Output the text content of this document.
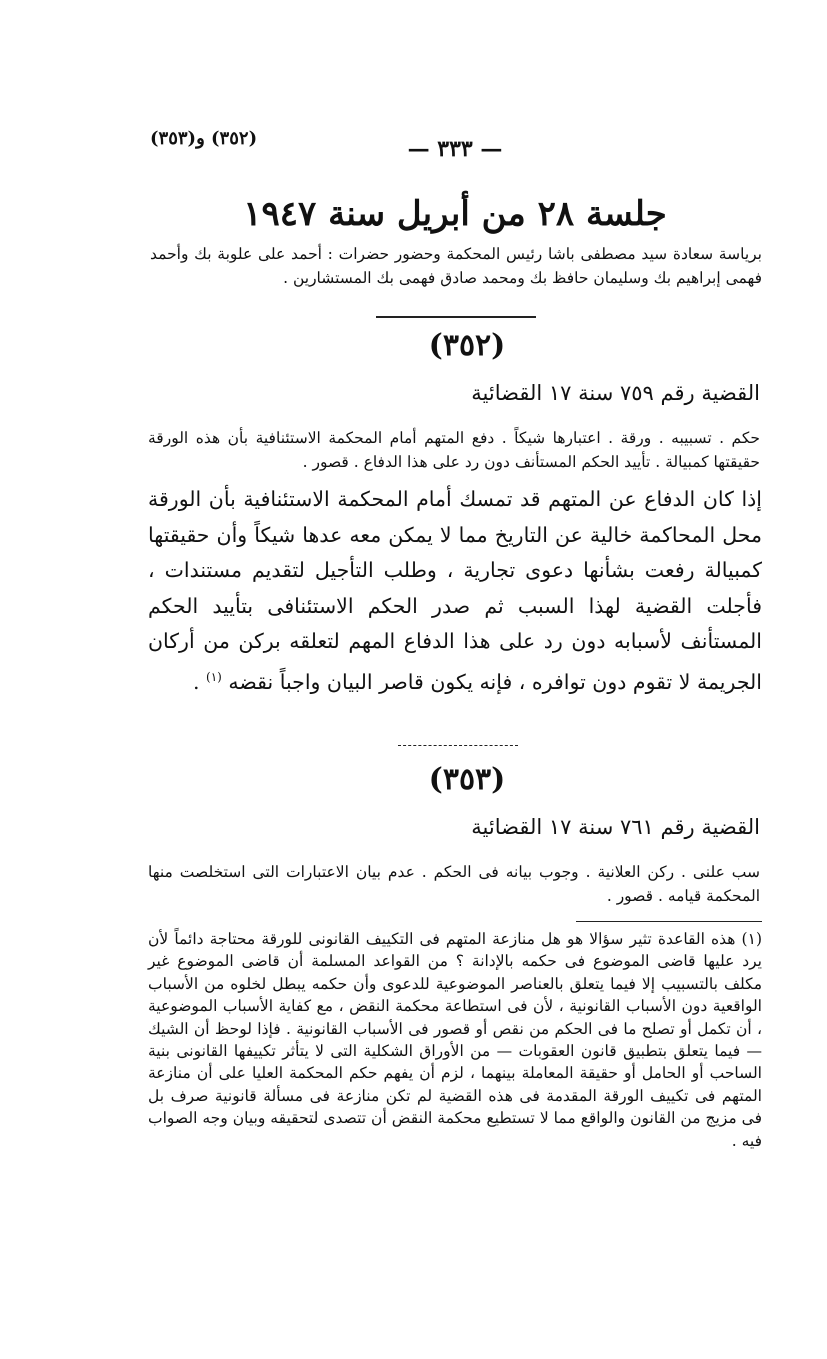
(٣٥٢) و(٣٥٣)	— ٣٣٣ —
جلسة ٢٨ من أبريل سنة ١٩٤٧
برياسة سعادة سيد مصطفى باشا رئيس المحكمة وحضور حضرات : أحمد على علوبة بك وأحمد فهمى إبراهيم بك وسليمان حافظ بك ومحمد صادق فهمى بك المستشارين .
(٣٥٢)
القضية رقم ٧٥٩ سنة ١٧ القضائية
حكم . تسبيبه . ورقة . اعتبارها شيكاً . دفع المتهم أمام المحكمة الاستئنافية بأن هذه الورقة حقيقتها كمبيالة . تأييد الحكم المستأنف دون رد على هذا الدفاع . قصور .
إذا كان الدفاع عن المتهم قد تمسك أمام المحكمة الاستئنافية بأن الورقة محل المحاكمة خالية عن التاريخ مما لا يمكن معه عدها شيكاً وأن حقيقتها كمبيالة رفعت بشأنها دعوى تجارية ، وطلب التأجيل لتقديم مستندات ، فأجلت القضية لهذا السبب ثم صدر الحكم الاستئنافى بتأييد الحكم المستأنف لأسبابه دون رد على هذا الدفاع المهم لتعلقه بركن من أركان الجريمة لا تقوم دون توافره ، فإنه يكون قاصر البيان واجباً نقضه $^{(١)}$ .
(٣٥٣)
القضية رقم ٧٦١ سنة ١٧ القضائية
سب علنى . ركن العلانية . وجوب بيانه فى الحكم . عدم بيان الاعتبارات التى استخلصت منها المحكمة قيامه . قصور .
(١) هذه القاعدة تثير سؤالا هو هل منازعة المتهم فى التكييف القانونى للورقة محتاجة دائماً لأن يرد عليها قاضى الموضوع فى حكمه بالإدانة ؟ من القواعد المسلمة أن قاضى الموضوع غير مكلف بالتسبيب إلا فيما يتعلق بالعناصر الموضوعية للدعوى وأن حكمه يبطل لخلوه من الأسباب الواقعية دون الأسباب القانونية ، لأن فى استطاعة محكمة النقض ، مع كفاية الأسباب الموضوعية ، أن تكمل أو تصلح ما فى الحكم من نقص أو قصور فى الأسباب القانونية . فإذا لوحظ أن الشيك — فيما يتعلق بتطبيق قانون العقوبات — من الأوراق الشكلية التى لا يتأثر تكييفها القانونى بنية الساحب أو الحامل أو حقيقة المعاملة بينهما ، لزم أن يفهم حكم المحكمة العليا على أن منازعة المتهم فى تكييف الورقة المقدمة فى هذه القضية لم تكن منازعة فى مسألة قانونية صرف بل فى مزيج من القانون والواقع مما لا تستطيع محكمة النقض أن تتصدى لتحقيقه وبيان وجه الصواب فيه .
